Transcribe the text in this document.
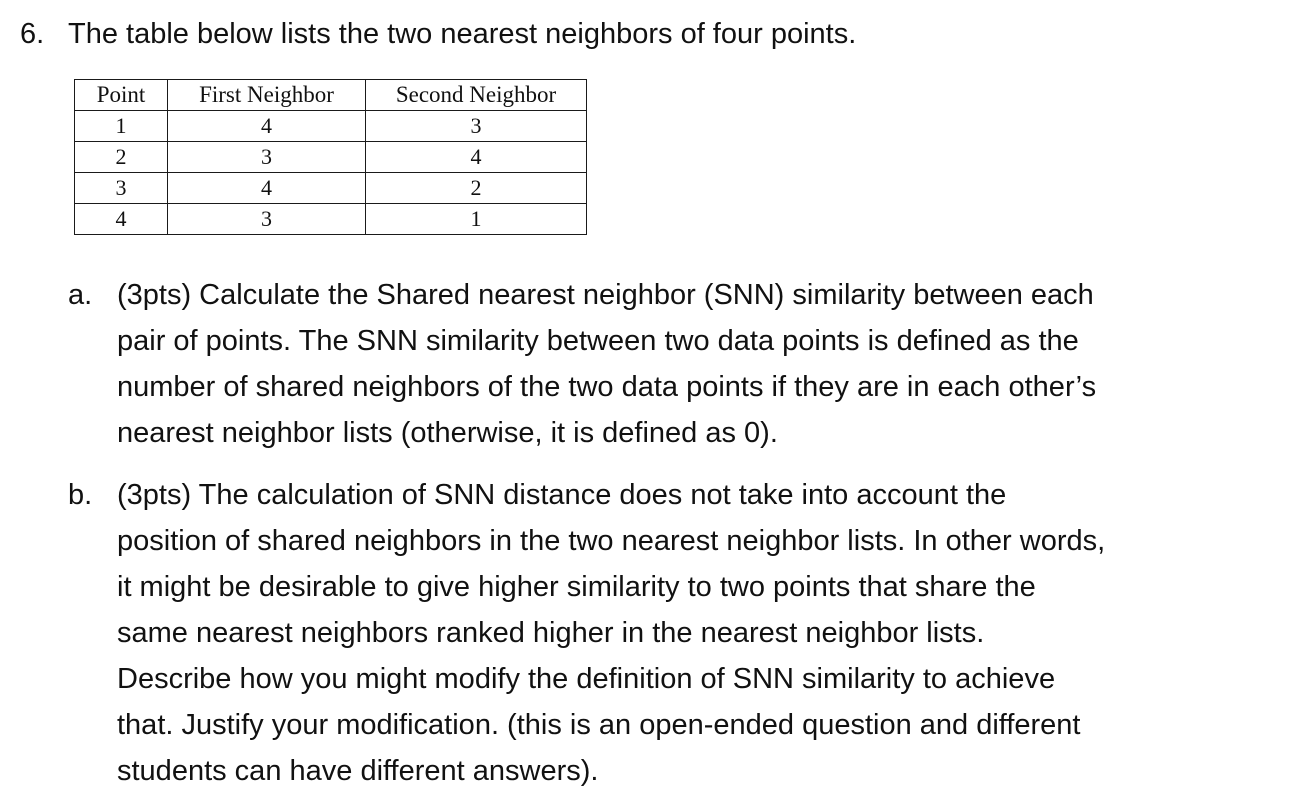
6. The table below lists the two nearest neighbors of four points.
Point	First Neighbor	Second Neighbor
1	4	3
2	3	4
3	4	2
4	3	1
a. (3pts) Calculate the Shared nearest neighbor (SNN) similarity between each
pair of points. The SNN similarity between two data points is defined as the
number of shared neighbors of the two data points if they are in each other’s
nearest neighbor lists (otherwise, it is defined as 0).
b. (3pts) The calculation of SNN distance does not take into account the
position of shared neighbors in the two nearest neighbor lists. In other words,
it might be desirable to give higher similarity to two points that share the
same nearest neighbors ranked higher in the nearest neighbor lists.
Describe how you might modify the definition of SNN similarity to achieve
that. Justify your modification. (this is an open-ended question and different
students can have different answers).
